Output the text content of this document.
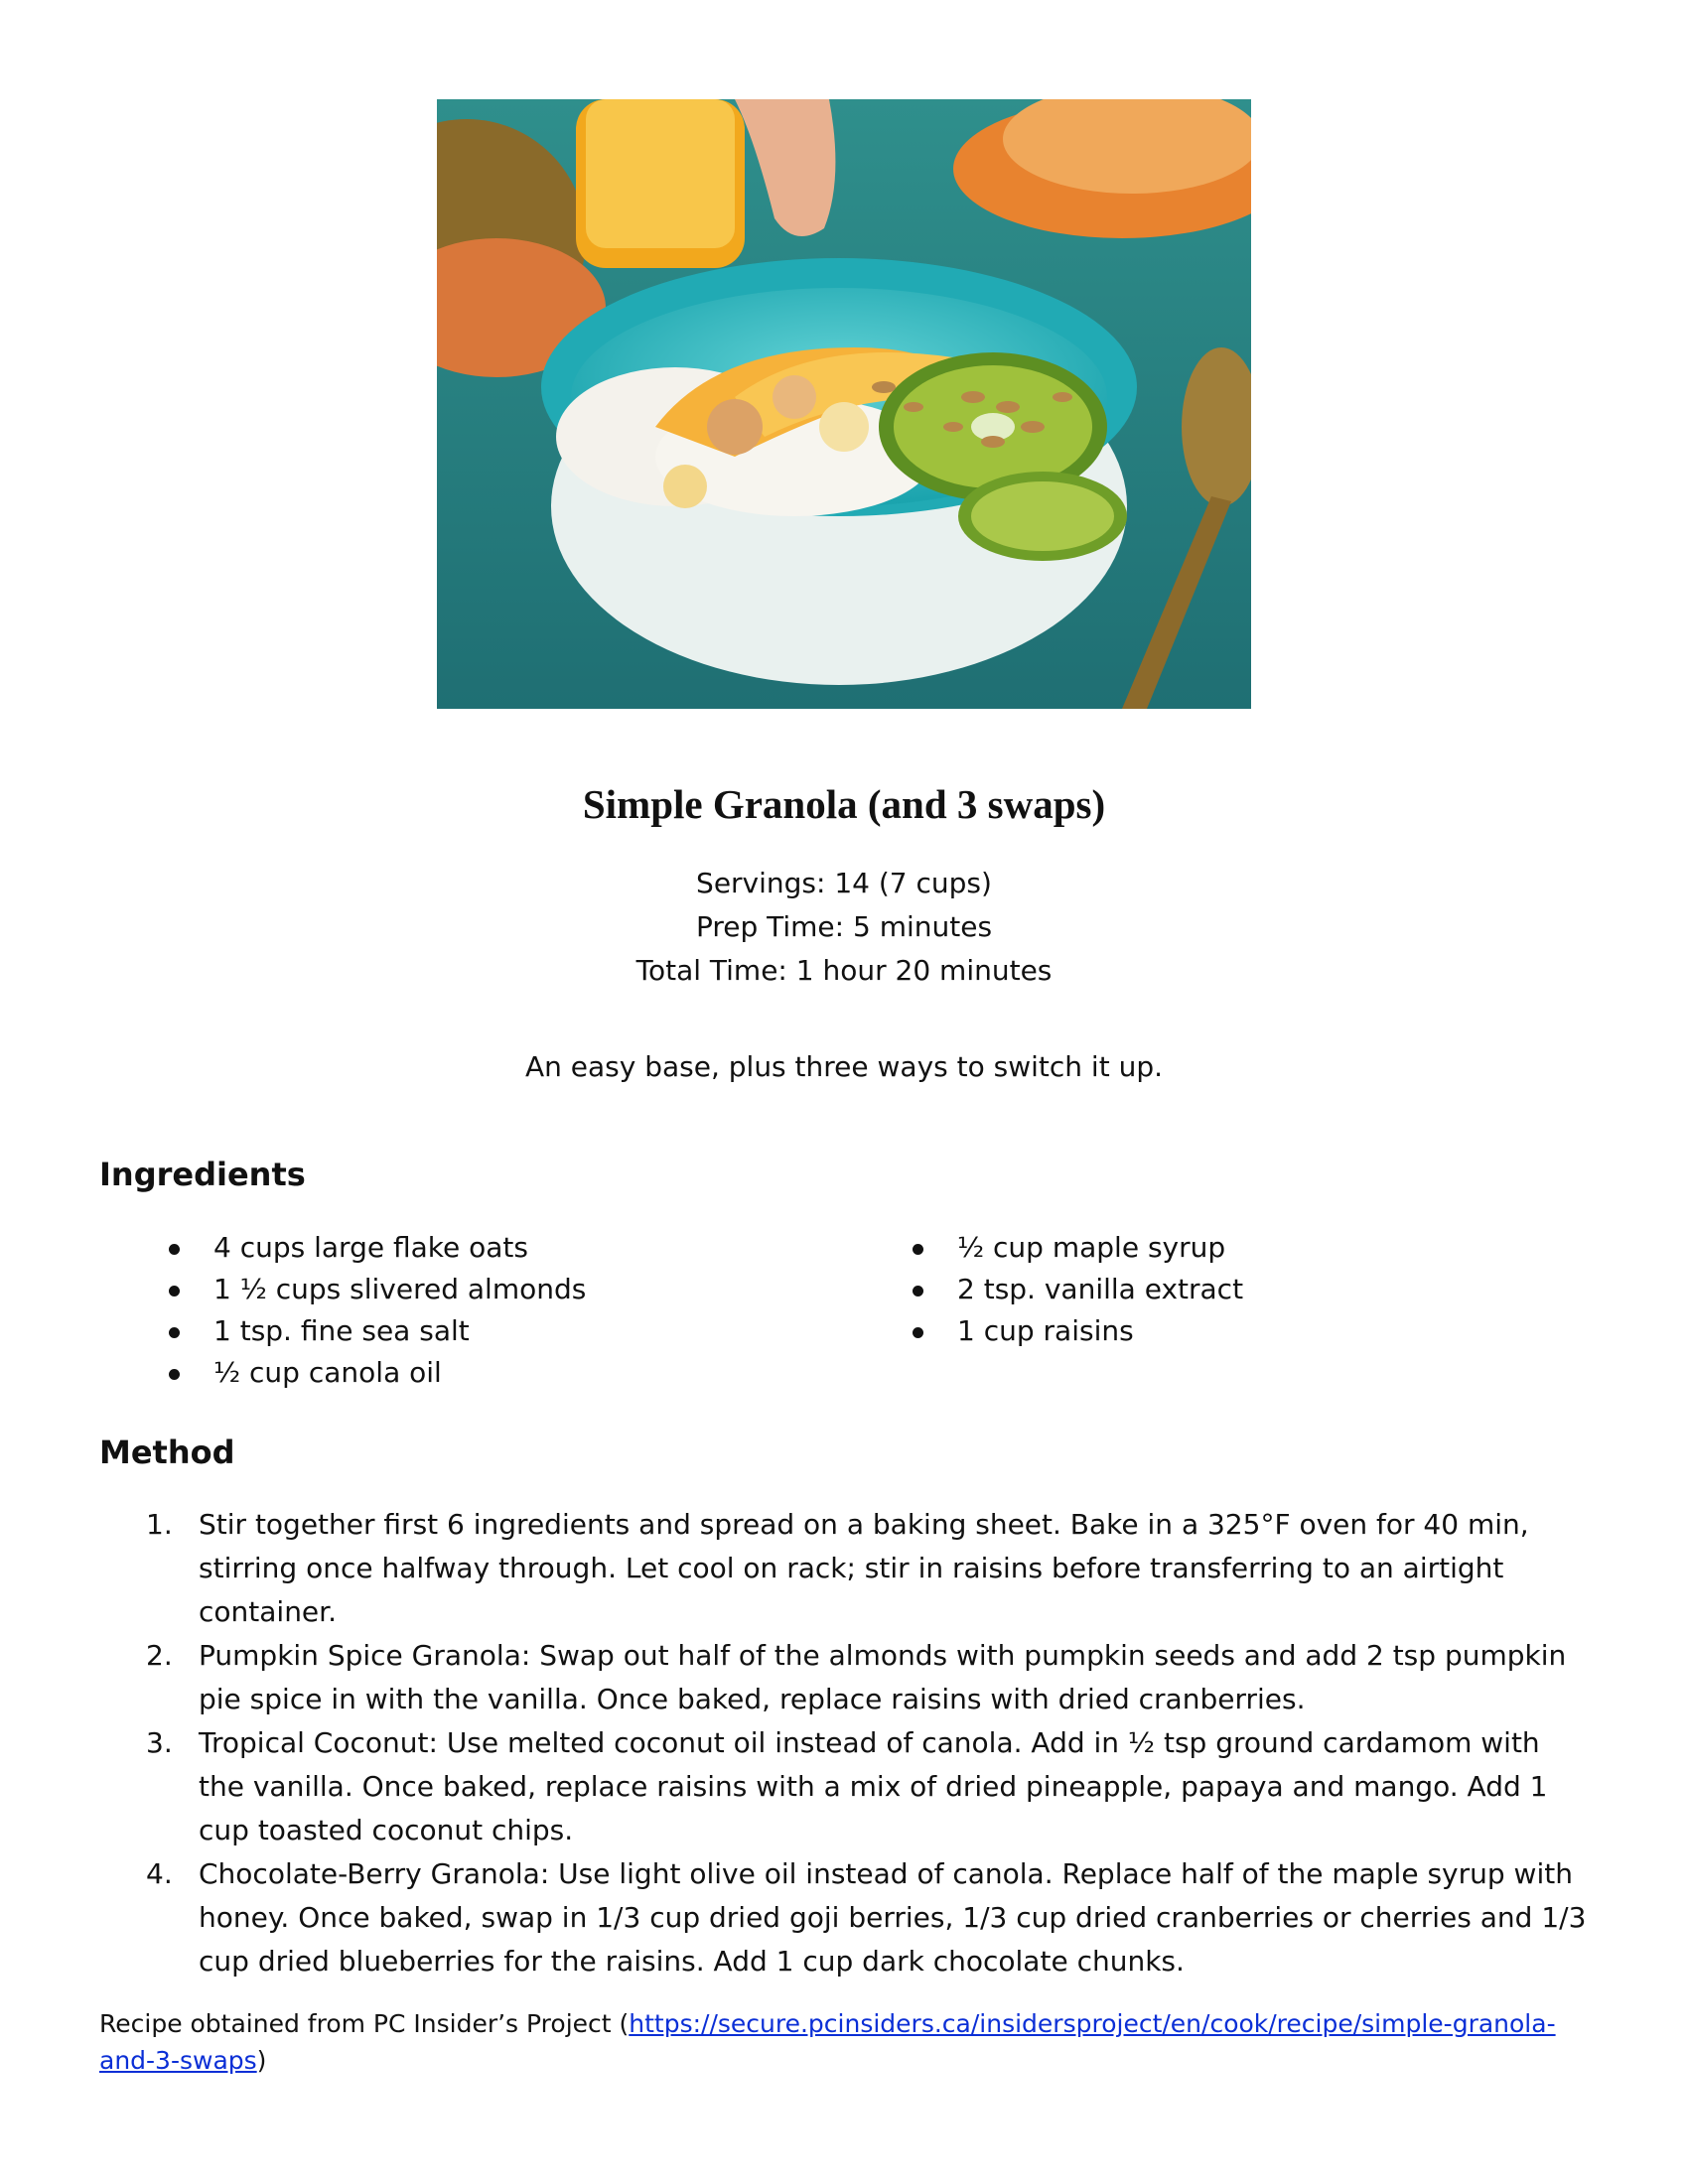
Simple Granola (and 3 swaps)
Servings: 14 (7 cups)
Prep Time: 5 minutes
Total Time: 1 hour 20 minutes
An easy base, plus three ways to switch it up.
Ingredients
4 cups large flake oats
1 ½ cups slivered almonds
1 tsp. fine sea salt
½ cup canola oil
½ cup maple syrup
2 tsp. vanilla extract
1 cup raisins
Method
1. Stir together first 6 ingredients and spread on a baking sheet. Bake in a 325°F oven for 40 min, stirring once halfway through. Let cool on rack; stir in raisins before transferring to an airtight container.
2. Pumpkin Spice Granola: Swap out half of the almonds with pumpkin seeds and add 2 tsp pumpkin pie spice in with the vanilla. Once baked, replace raisins with dried cranberries.
3. Tropical Coconut: Use melted coconut oil instead of canola. Add in ½ tsp ground cardamom with the vanilla. Once baked, replace raisins with a mix of dried pineapple, papaya and mango. Add 1 cup toasted coconut chips.
4. Chocolate-Berry Granola: Use light olive oil instead of canola. Replace half of the maple syrup with honey. Once baked, swap in 1/3 cup dried goji berries, 1/3 cup dried cranberries or cherries and 1/3 cup dried blueberries for the raisins. Add 1 cup dark chocolate chunks.
Recipe obtained from PC Insider’s Project (https://secure.pcinsiders.ca/insidersproject/en/cook/recipe/simple-granola-and-3-swaps)
